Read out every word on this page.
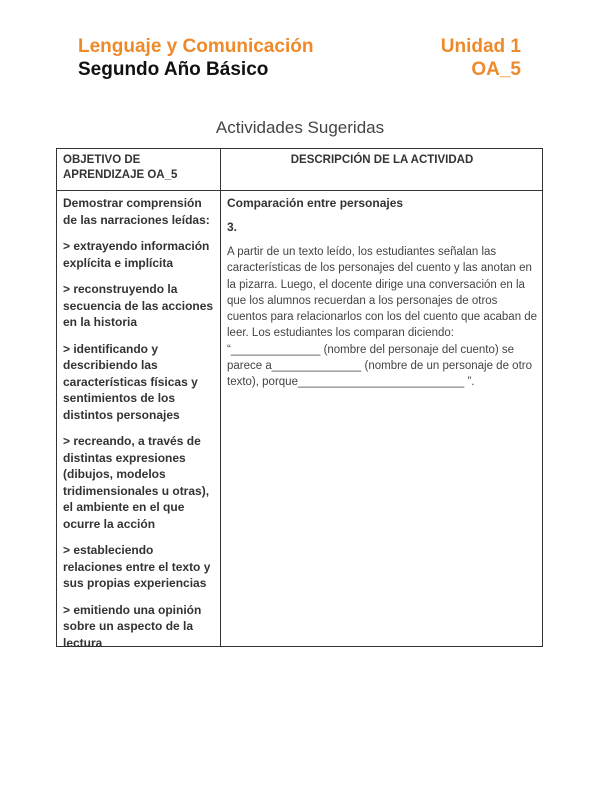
Lenguaje y Comunicación
Segundo Año Básico
Unidad 1
OA_5
Actividades Sugeridas
OBJETIVO DE APRENDIZAJE OA_5
DESCRIPCIÓN DE LA ACTIVIDAD

Demostrar comprensión de las narraciones leídas:

> extrayendo información explícita e implícita

> reconstruyendo la secuencia de las acciones en la historia

> identificando y describiendo las características físicas y sentimientos de los distintos personajes

> recreando, a través de distintas expresiones (dibujos, modelos tridimensionales u otras), el ambiente en el que ocurre la acción

> estableciendo relaciones entre el texto y sus propias experiencias

> emitiendo una opinión sobre un aspecto de la lectura

Comparación entre personajes
3.
A partir de un texto leído, los estudiantes señalan las características de los personajes del cuento y las anotan en la pizarra. Luego, el docente dirige una conversación en la que los alumnos recuerdan a los personajes de otros cuentos para relacionarlos con los del cuento que acaban de leer. Los estudiantes los comparan diciendo: “______________ (nombre del personaje del cuento) se parece a______________ (nombre de un personaje de otro texto), porque__________________________ ”.
